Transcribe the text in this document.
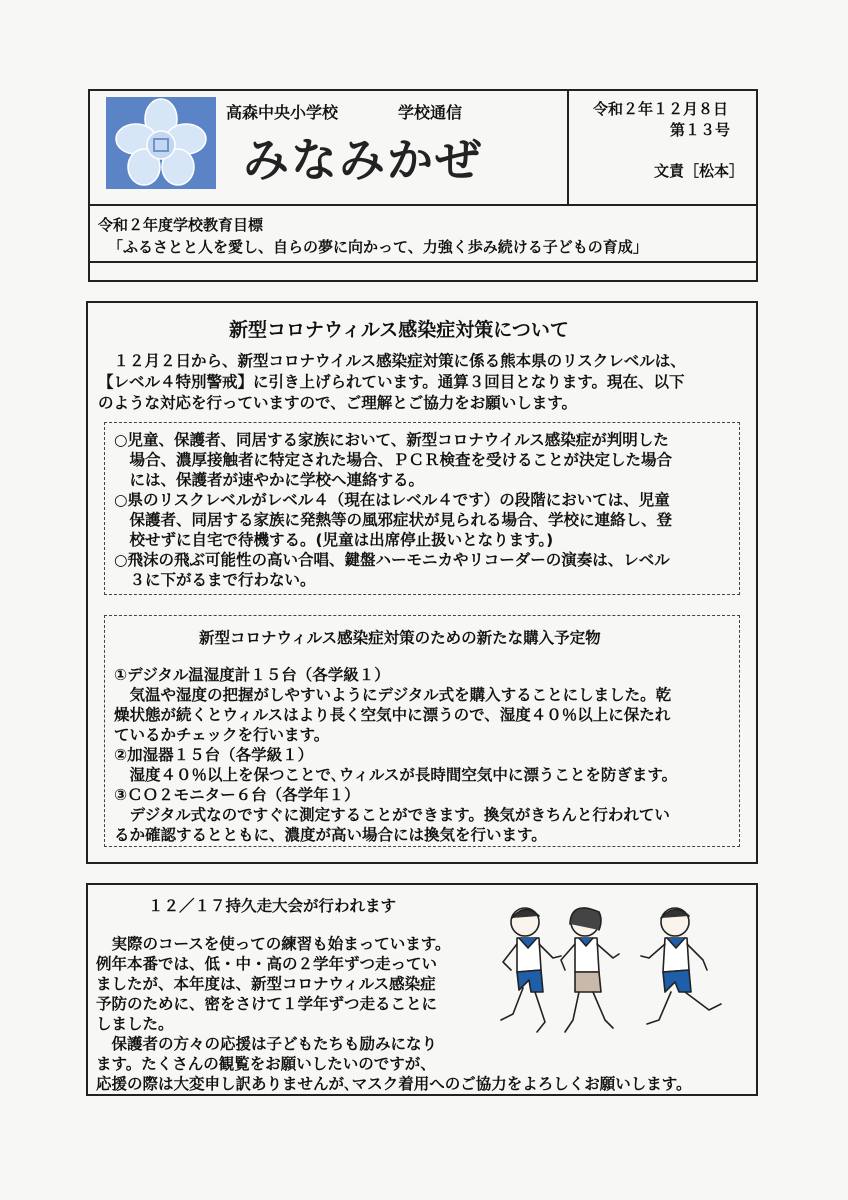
高森中央小学校	学校通信
みなみかぜ
令和２年１２月８日
第１３号
文責［松本］
令和２年度学校教育目標
「ふるさとと人を愛し、自らの夢に向かって、力強く歩み続ける子どもの育成」
新型コロナウィルス感染症対策について
　１２月２日から、新型コロナウイルス感染症対策に係る熊本県のリスクレベルは、
【レベル４特別警戒】に引き上げられています。通算３回目となります。現在、以下
のような対応を行っていますので、ご理解とご協力をお願いします。
○児童、保護者、同居する家族において、新型コロナウイルス感染症が判明した
　場合、濃厚接触者に特定された場合、ＰＣＲ検査を受けることが決定した場合
　には、保護者が速やかに学校へ連絡する。
○県のリスクレベルがレベル４（現在はレベル４です）の段階においては、児童
　保護者、同居する家族に発熱等の風邪症状が見られる場合、学校に連絡し、登
　校せずに自宅で待機する。(児童は出席停止扱いとなります。)
○飛沫の飛ぶ可能性の高い合唱、鍵盤ハーモニカやリコーダーの演奏は、レベル
　３に下がるまで行わない。
新型コロナウィルス感染症対策のための新たな購入予定物
①デジタル温湿度計１５台（各学級１）
　気温や湿度の把握がしやすいようにデジタル式を購入することにしました。乾
燥状態が続くとウィルスはより長く空気中に漂うので、湿度４０％以上に保たれ
ているかチェックを行います。
②加湿器１５台（各学級１）
　湿度４０％以上を保つことで､ウィルスが長時間空気中に漂うことを防ぎます。
③ＣＯ２モニター６台（各学年１）
　デジタル式なのですぐに測定することができます。換気がきちんと行われてい
るか確認するとともに、濃度が高い場合には換気を行います。
１２／１７持久走大会が行われます
　実際のコースを使っての練習も始まっています。
例年本番では、低・中・高の２学年ずつ走ってい
ましたが、本年度は、新型コロナウィルス感染症
予防のために、密をさけて１学年ずつ走ることに
しました。
　保護者の方々の応援は子どもたちも励みになり
ます。たくさんの観覧をお願いしたいのですが、
応援の際は大変申し訳ありませんが､マスク着用へのご協力をよろしくお願いします。
